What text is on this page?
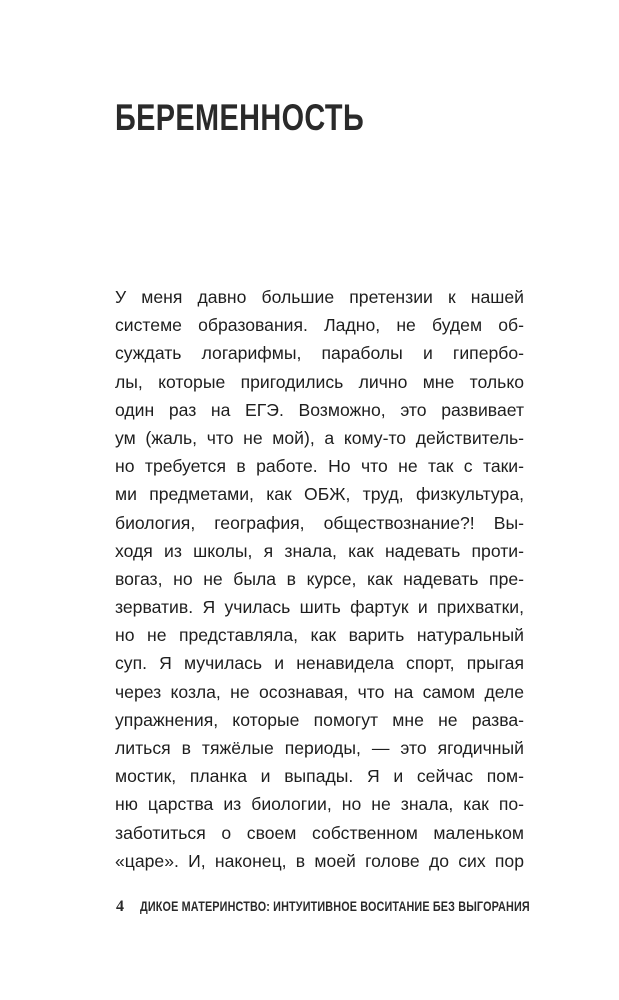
БЕРЕМЕННОСТЬ
У меня давно большие претензии к нашей
системе образования. Ладно, не будем об-
суждать логарифмы, параболы и гипербо-
лы, которые пригодились лично мне только
один раз на ЕГЭ. Возможно, это развивает
ум (жаль, что не мой), а кому-то действитель-
но требуется в работе. Но что не так с таки-
ми предметами, как ОБЖ, труд, физкультура,
биология, география, обществознание?! Вы-
ходя из школы, я знала, как надевать проти-
вогаз, но не была в курсе, как надевать пре-
зерватив. Я училась шить фартук и прихватки,
но не представляла, как варить натуральный
суп. Я мучилась и ненавидела спорт, прыгая
через козла, не осознавая, что на самом деле
упражнения, которые помогут мне не разва-
литься в тяжёлые периоды, — это ягодичный
мостик, планка и выпады. Я и сейчас пом-
ню царства из биологии, но не знала, как по-
заботиться о своем собственном маленьком
«царе». И, наконец, в моей голове до сих пор
4 ДИКОЕ МАТЕРИНСТВО: ИНТУИТИВНОЕ ВОСИТАНИЕ БЕЗ ВЫГОРАНИЯ
